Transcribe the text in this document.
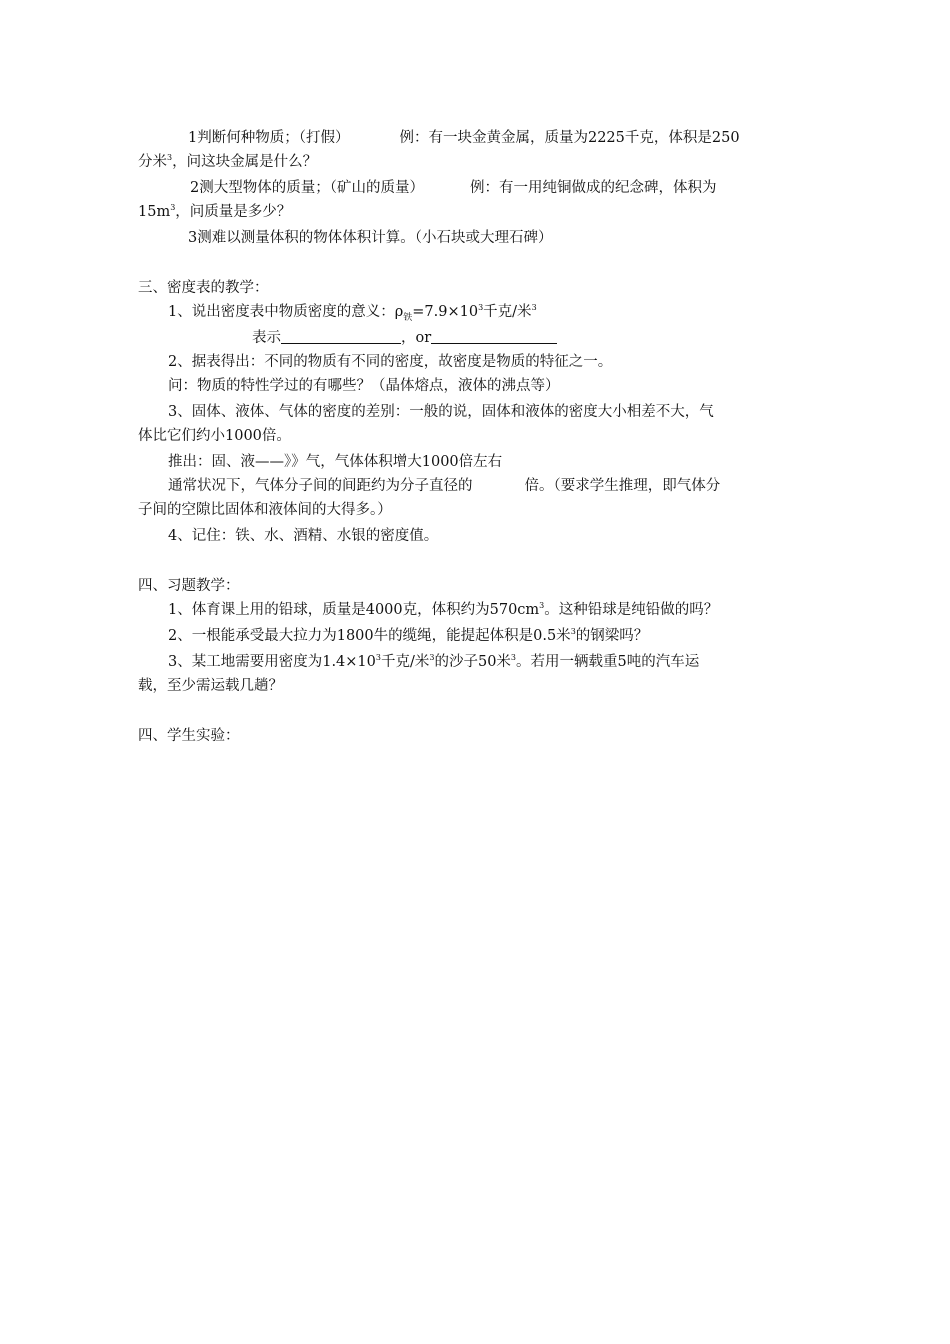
1判断何种物质；（打假）	例：有一块金黄金属，质量为2225千克，体积是250
分米$^3$，问这块金属是什么？
2测大型物体的质量；（矿山的质量）	例：有一用纯铜做成的纪念碑，体积为
$15m^3$，问质量是多少？
3测难以测量体积的物体体积计算。（小石块或大理石碑）
三、密度表的教学：
1、说出密度表中物质密度的意义：$\rho_铁=7.9\times 10^3$千克/米$^3$
表示	，or
2、据表得出：不同的物质有不同的密度，故密度是物质的特征之一。
问：物质的特性学过的有哪些？（晶体熔点，液体的沸点等）
3、固体、液体、气体的密度的差别：一般的说，固体和液体的密度大小相差不大，气
体比它们约小1000倍。
推出：固、液——》》气，气体体积增大1000倍左右
通常状况下，气体分子间的间距约为分子直径的	倍。（要求学生推理，即气体分
子间的空隙比固体和液体间的大得多。）
4、记住：铁、水、酒精、水银的密度值。
四、习题教学：
1、体育课上用的铅球，质量是4000克，体积约为$570cm^3$。这种铅球是纯铅做的吗？
2、一根能承受最大拉力为1800牛的缆绳，能提起体积是0.5米$^3$的钢梁吗？
3、某工地需要用密度为$1.4\times 10^3$千克/米$^3$的沙子50米$^3$。若用一辆载重5吨的汽车运
载，至少需运载几趟？
四、学生实验：
